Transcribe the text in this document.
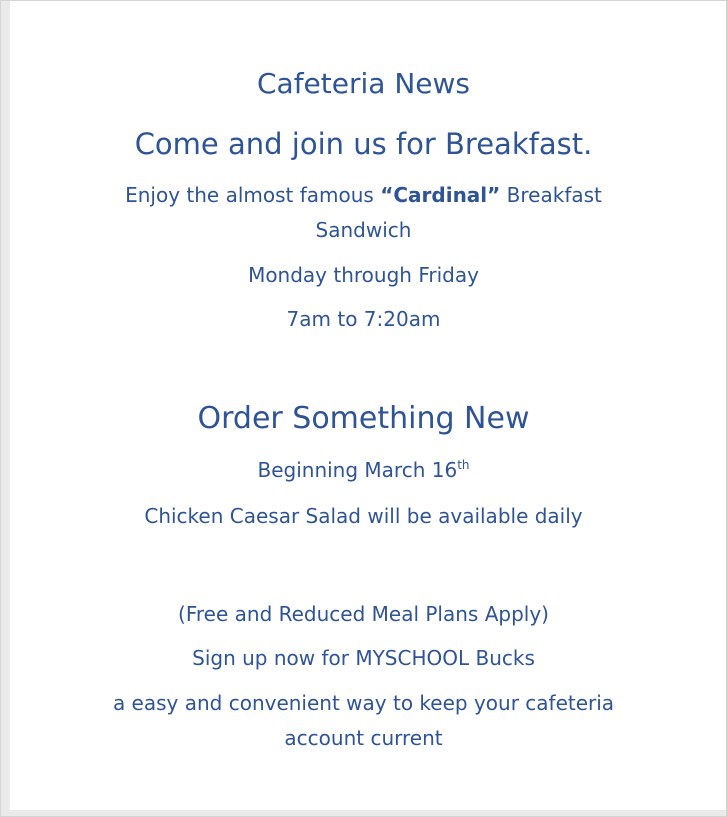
Cafeteria News

Come and join us for Breakfast.

Enjoy the almost famous “Cardinal” Breakfast

Sandwich

Monday through Friday

7am to 7:20am

Order Something New

Beginning March 16th

Chicken Caesar Salad will be available daily

(Free and Reduced Meal Plans Apply)

Sign up now for MYSCHOOL Bucks

a easy and convenient way to keep your cafeteria

account current
